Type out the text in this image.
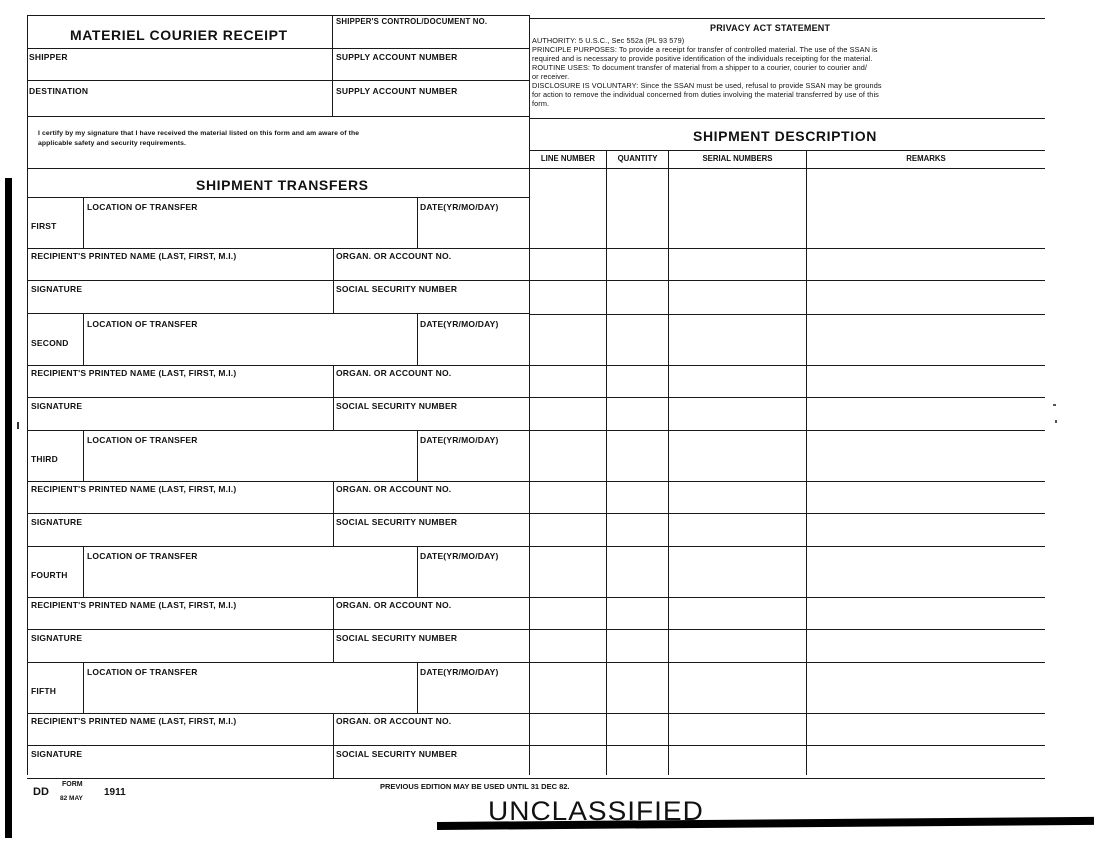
MATERIEL COURIER RECEIPT
SHIPPER'S CONTROL/DOCUMENT NO.
SHIPPER	SUPPLY ACCOUNT NUMBER
DESTINATION	SUPPLY ACCOUNT NUMBER
I certify by my signature that I have received the material listed on this form and am aware of the
applicable safety and security requirements.
SHIPMENT TRANSFERS
PRIVACY ACT STATEMENT
AUTHORITY: 5 U.S.C., Sec 552a (PL 93 579)
PRINCIPLE PURPOSES: To provide a receipt for transfer of controlled material. The use of the SSAN is
required and is necessary to provide positive identification of the individuals receipting for the material.
ROUTINE USES: To document transfer of material from a shipper to a courier, courier to courier and/
or receiver.
DISCLOSURE IS VOLUNTARY: Since the SSAN must be used, refusal to provide SSAN may be grounds
for action to remove the individual concerned from duties involving the material transferred by use of this
form.
SHIPMENT DESCRIPTION
LINE NUMBER	QUANTITY	SERIAL NUMBERS	REMARKS
FIRST
LOCATION OF TRANSFER	DATE(YR/MO/DAY)
RECIPIENT'S PRINTED NAME (LAST, FIRST, M.I.)	ORGAN. OR ACCOUNT NO.
SIGNATURE	SOCIAL SECURITY NUMBER
SECOND
LOCATION OF TRANSFER	DATE(YR/MO/DAY)
RECIPIENT'S PRINTED NAME (LAST, FIRST, M.I.)	ORGAN. OR ACCOUNT NO.
SIGNATURE	SOCIAL SECURITY NUMBER
THIRD
LOCATION OF TRANSFER	DATE(YR/MO/DAY)
RECIPIENT'S PRINTED NAME (LAST, FIRST, M.I.)	ORGAN. OR ACCOUNT NO.
SIGNATURE	SOCIAL SECURITY NUMBER
FOURTH
LOCATION OF TRANSFER	DATE(YR/MO/DAY)
RECIPIENT'S PRINTED NAME (LAST, FIRST, M.I.)	ORGAN. OR ACCOUNT NO.
SIGNATURE	SOCIAL SECURITY NUMBER
FIFTH
LOCATION OF TRANSFER	DATE(YR/MO/DAY)
RECIPIENT'S PRINTED NAME (LAST, FIRST, M.I.)	ORGAN. OR ACCOUNT NO.
SIGNATURE	SOCIAL SECURITY NUMBER
DD
FORM
82 MAY
1911
PREVIOUS EDITION MAY BE USED UNTIL 31 DEC 82.
UNCLASSIFIED
